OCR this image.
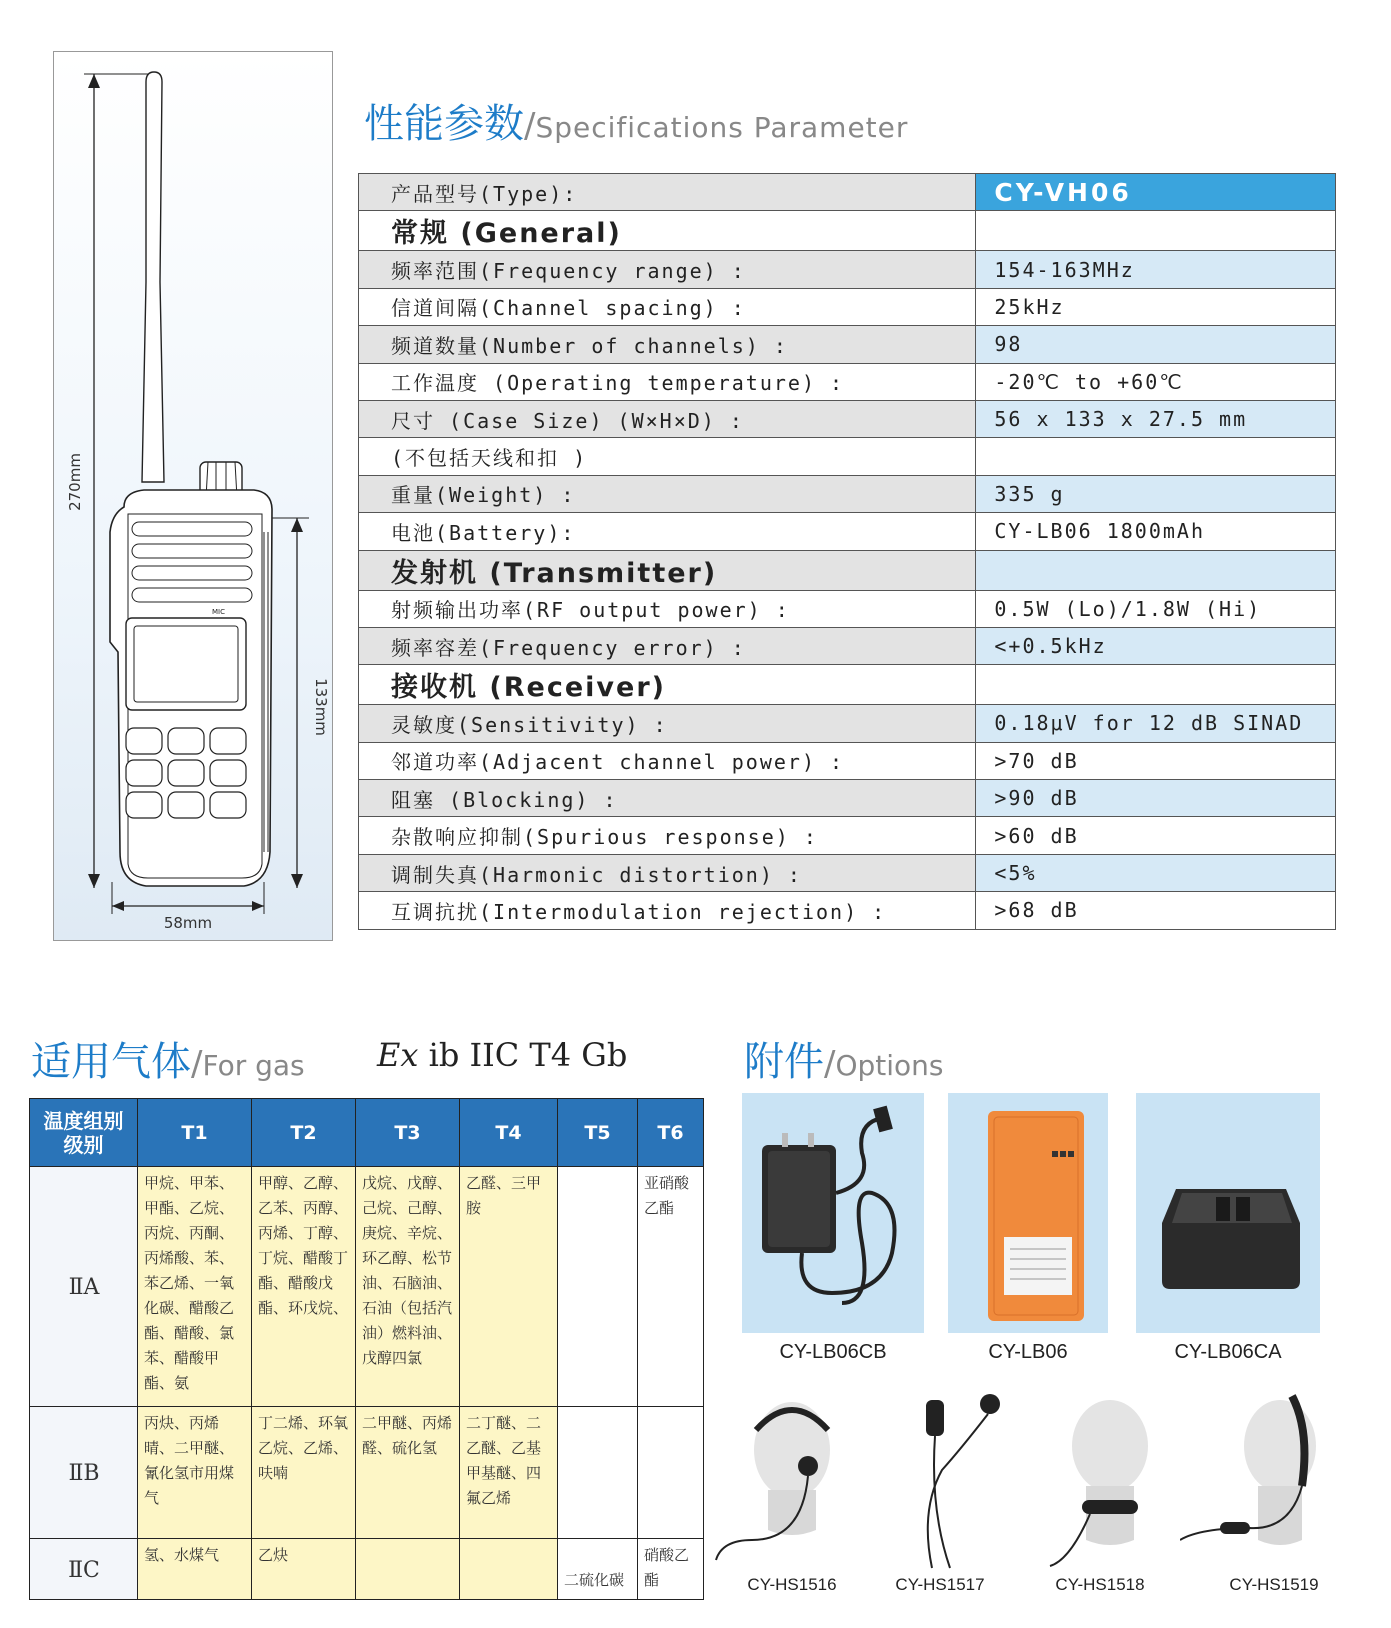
MIC
270mm
133mm
58mm
性能参数/Specifications Parameter
产品型号(Type):	CY-VH06
常规 (General)	
频率范围(Frequency range) :	154-163MHz
信道间隔(Channel spacing) :	25kHz
频道数量(Number of channels) :	98
工作温度 (Operating temperature) :	-20℃ to +60℃
尺寸 (Case Size) (W×H×D) :	56 x 133 x 27.5 mm
(不包括天线和扣 )	
重量(Weight) :	335 g
电池(Battery):	CY-LB06 1800mAh
发射机 (Transmitter)	
射频输出功率(RF output power) :	0.5W (Lo)/1.8W (Hi)
频率容差(Frequency error) :	<+0.5kHz
接收机 (Receiver)	
灵敏度(Sensitivity) :	0.18μV for 12 dB SINAD
邻道功率(Adjacent channel power) :	>70 dB
阻塞 (Blocking) :	>90 dB
杂散响应抑制(Spurious response) :	>60 dB
调制失真(Harmonic distortion) :	<5%
互调抗扰(Intermodulation rejection) :	>68 dB
适用气体/For gas Ex ib IIC T4 Gb
温度组别级别	T1	T2	T3	T4	T5	T6
ⅡA	甲烷、甲苯、甲酯、乙烷、丙烷、丙酮、丙烯酸、苯、苯乙烯、一氧化碳、醋酸乙酯、醋酸、氯苯、醋酸甲酯、氨	甲醇、乙醇、乙苯、丙醇、丙烯、丁醇、丁烷、醋酸丁酯、醋酸戊酯、环戊烷、	戊烷、戊醇、己烷、己醇、庚烷、辛烷、环乙醇、松节油、石脑油、石油（包括汽油）燃料油、戊醇四氯	乙醛、三甲胺		亚硝酸乙酯
ⅡB	丙炔、丙烯晴、二甲醚、氰化氢市用煤气	丁二烯、环氧乙烷、乙烯、呋喃	二甲醚、丙烯醛、硫化氢	二丁醚、二乙醚、乙基甲基醚、四氟乙烯		
ⅡC	氢、水煤气	乙炔			二硫化碳	硝酸乙酯
附件/Options
CY-LB06CB	CY-LB06	CY-LB06CA
CY-HS1516	CY-HS1517	CY-HS1518	CY-HS1519
